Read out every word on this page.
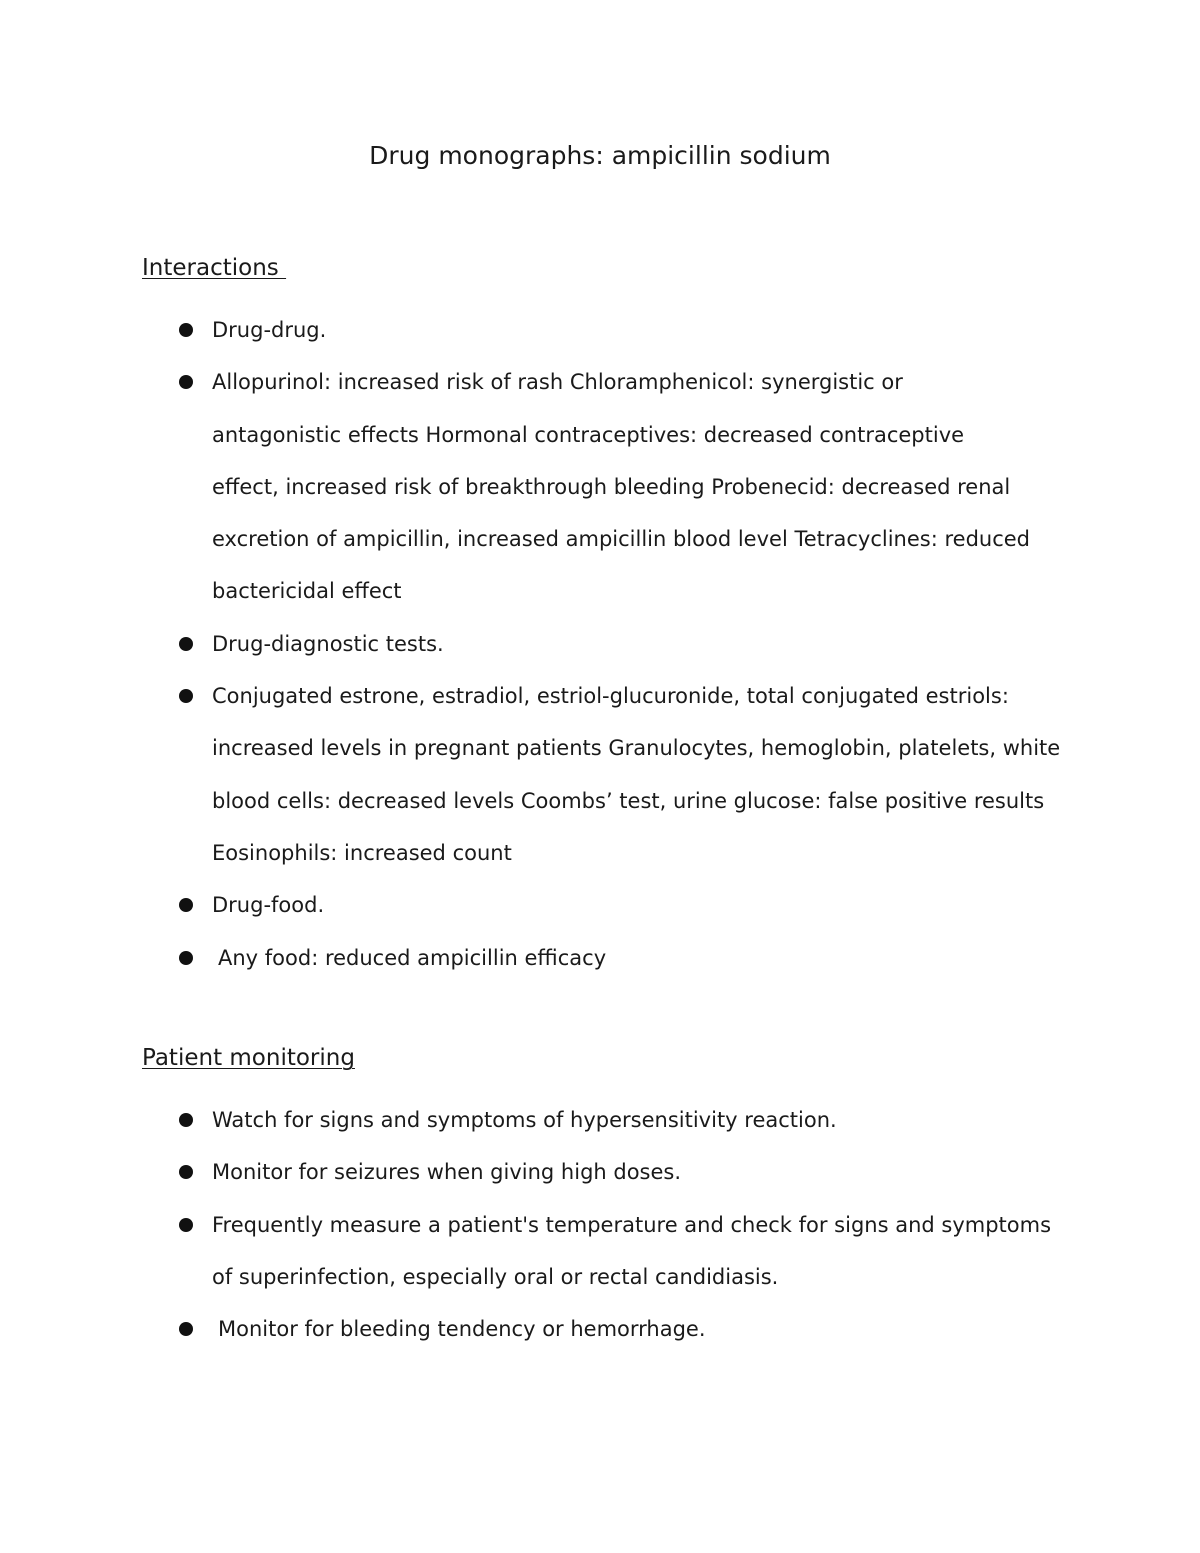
Drug monographs: ampicillin sodium
Interactions
Drug-drug.
Allopurinol: increased risk of rash Chloramphenicol: synergistic or antagonistic effects Hormonal contraceptives: decreased contraceptive effect, increased risk of breakthrough bleeding Probenecid: decreased renal excretion of ampicillin, increased ampicillin blood level Tetracyclines: reduced bactericidal effect
Drug-diagnostic tests.
Conjugated estrone, estradiol, estriol-glucuronide, total conjugated estriols: increased levels in pregnant patients Granulocytes, hemoglobin, platelets, white blood cells: decreased levels Coombs’ test, urine glucose: false positive results Eosinophils: increased count
Drug-food.
Any food: reduced ampicillin efficacy
Patient monitoring
Watch for signs and symptoms of hypersensitivity reaction.
Monitor for seizures when giving high doses.
Frequently measure a patient's temperature and check for signs and symptoms of superinfection, especially oral or rectal candidiasis.
Monitor for bleeding tendency or hemorrhage.
